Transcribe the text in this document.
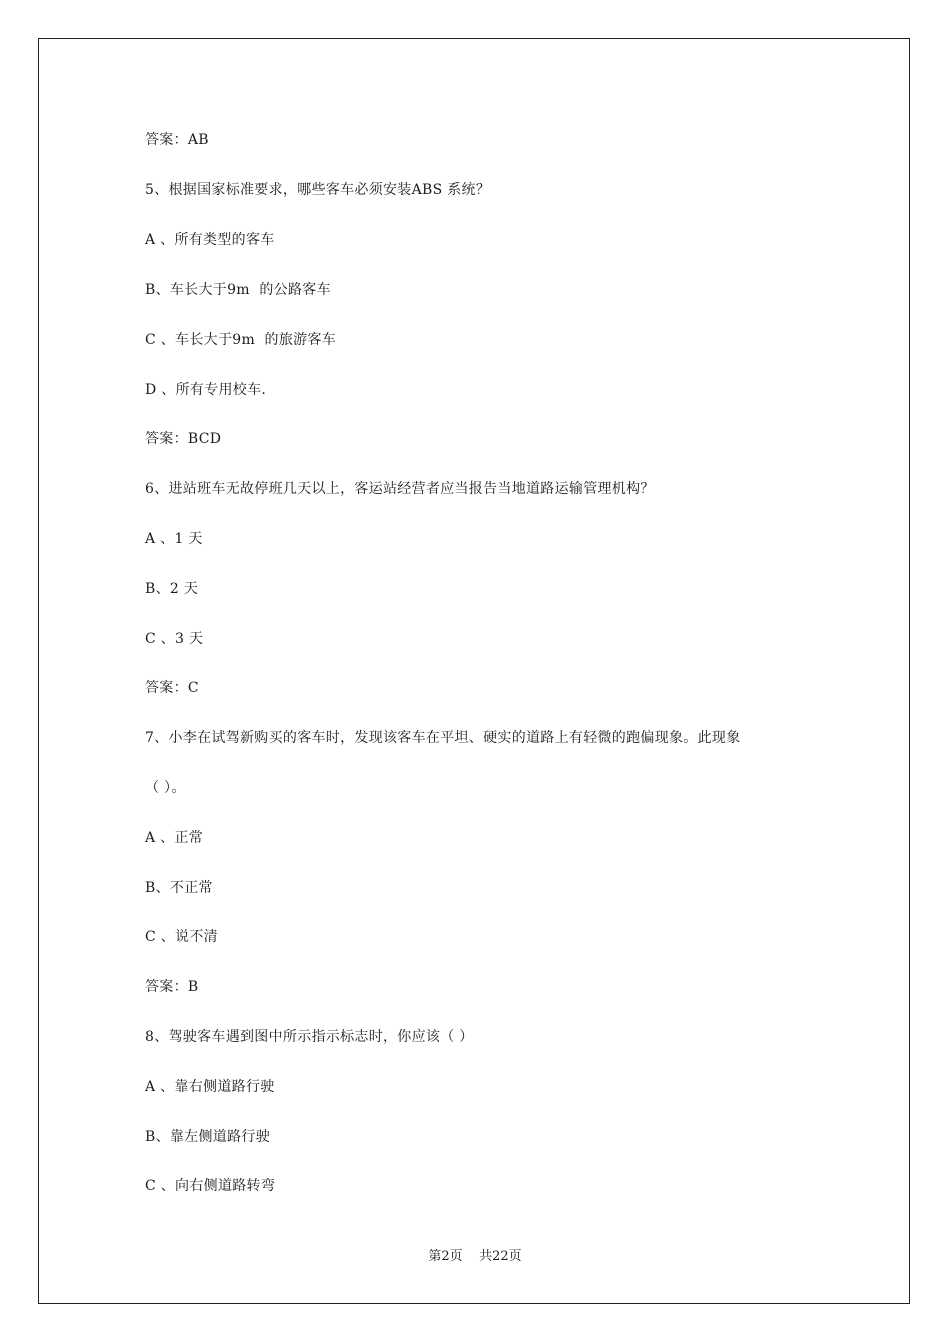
答案：AB
5、根据国家标准要求，哪些客车必须安装ABS 系统？
A 、所有类型的客车
B、车长大于9m  的公路客车
C 、车长大于9m  的旅游客车
D 、所有专用校车.
答案：BCD
6、进站班车无故停班几天以上，客运站经营者应当报告当地道路运输管理机构？
A 、1 天
B、2 天
C 、3 天
答案：C
7、小李在试驾新购买的客车时，发现该客车在平坦、硬实的道路上有轻微的跑偏现象。此现象
（ ）。
A 、正常
B、不正常
C 、说不清
答案：B
8、驾驶客车遇到图中所示指示标志时，你应该（ ）
A 、靠右侧道路行驶
B、靠左侧道路行驶
C 、向右侧道路转弯
第2页    共22页
